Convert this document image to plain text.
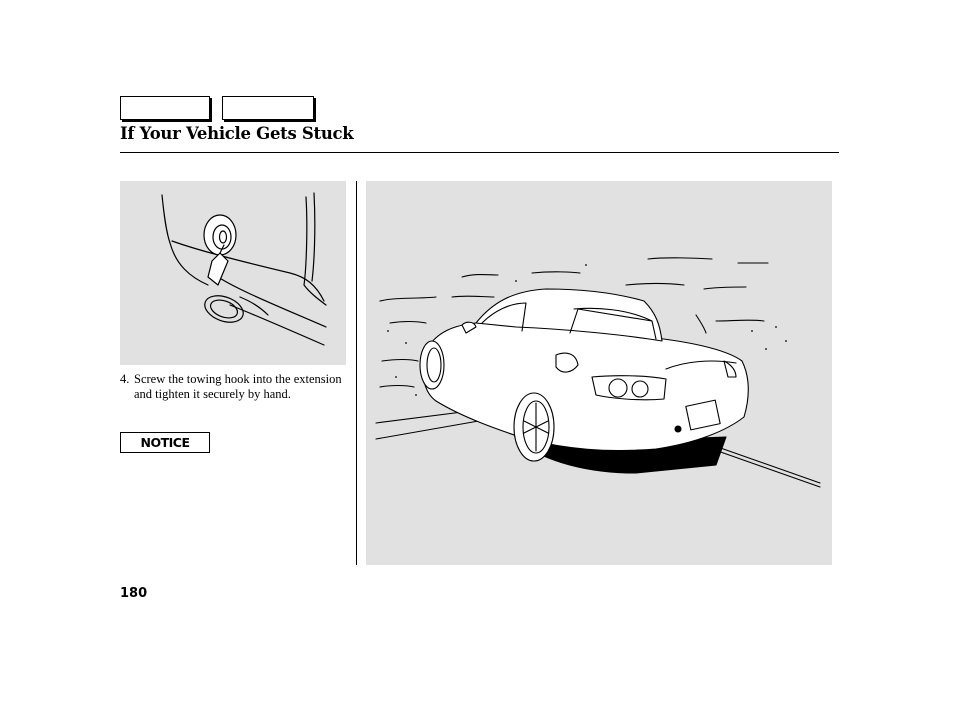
If Your Vehicle Gets Stuck
4. Screw the towing hook into the extension and tighten it securely by hand.
NOTICE
180
